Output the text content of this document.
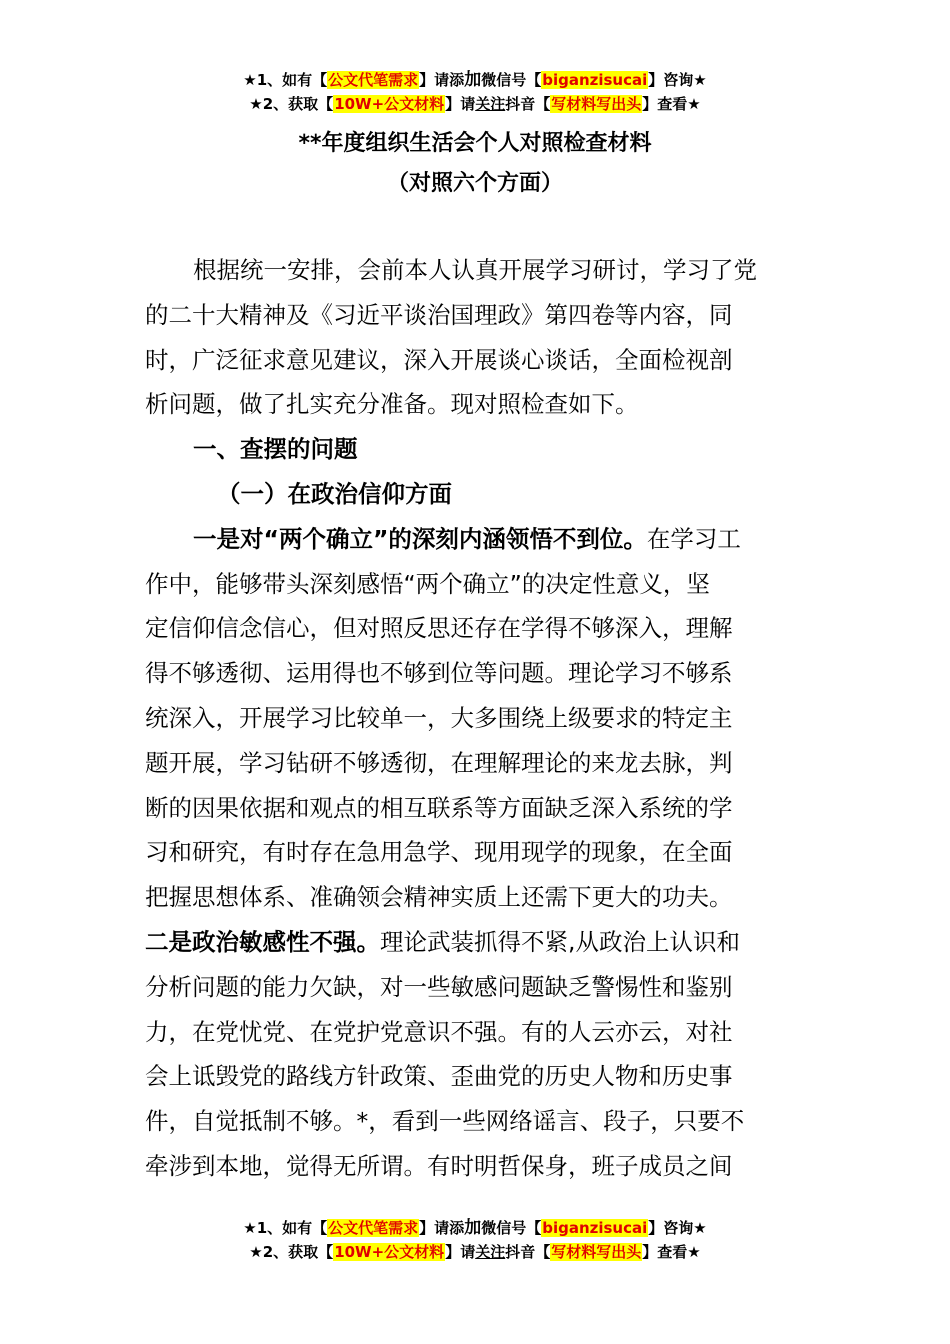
★1、如有【公文代笔需求】请添加微信号【biganzisucai】咨询★
★2、获取【10W+公文材料】请关注抖音【写材料写出头】查看★
**年度组织生活会个人对照检查材料
（对照六个方面）

根据统一安排，会前本人认真开展学习研讨，学习了党

的二十大精神及《习近平谈治国理政》第四卷等内容，同

时，广泛征求意见建议，深入开展谈心谈话，全面检视剖

析问题，做了扎实充分准备。现对照检查如下。

一、查摆的问题

（一）在政治信仰方面

一是对“两个确立”的深刻内涵领悟不到位。在学习工

作中，能够带头深刻感悟“两个确立”的决定性意义，坚

定信仰信念信心，但对照反思还存在学得不够深入，理解

得不够透彻、运用得也不够到位等问题。理论学习不够系

统深入，开展学习比较单一，大多围绕上级要求的特定主

题开展，学习钻研不够透彻，在理解理论的来龙去脉，判

断的因果依据和观点的相互联系等方面缺乏深入系统的学

习和研究，有时存在急用急学、现用现学的现象，在全面

把握思想体系、准确领会精神实质上还需下更大的功夫。

二是政治敏感性不强。理论武装抓得不紧,从政治上认识和

分析问题的能力欠缺，对一些敏感问题缺乏警惕性和鉴别

力，在党忧党、在党护党意识不强。有的人云亦云，对社

会上诋毁党的路线方针政策、歪曲党的历史人物和历史事

件，自觉抵制不够。*，看到一些网络谣言、段子，只要不

牵涉到本地，觉得无所谓。有时明哲保身，班子成员之间

★1、如有【公文代笔需求】请添加微信号【biganzisucai】咨询★
★2、获取【10W+公文材料】请关注抖音【写材料写出头】查看★
